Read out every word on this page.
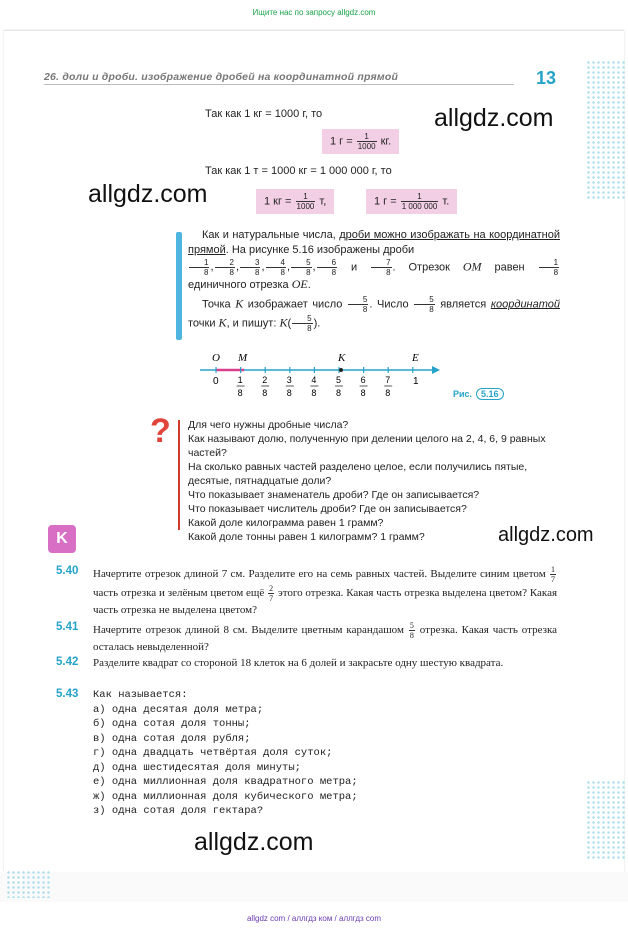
Ищите нас по запросу allgdz.com
26. доли и дроби. изображение дробей на координатной прямой	13
Так как 1 кг = 1000 г, то
1 $г = \frac{1}{1000}$ кг.
Так как 1 т = 1000 кг = 1 000 000 г, то
1 кг = $\frac{1}{1000} т$,	1 $г = \frac{1}{1 000 000} т$.
allgdz.com
allgdz.com
Как и натуральные числа, дроби можно изображать на координатной прямой. На рисунке 5.16 изображены дроби

$\frac{1}{8}$ , $\frac{2}{8}$ , $\frac{3}{8}$ , $\frac{4}{8}$ , $\frac{5}{8}$ , $\frac{6}{8}$ и $\frac{7}{8}$ . Отрезок OM равен $\frac{1}{8}$
единичного отрезка OE.
Точка K изображает число $\frac{5}{8}$ . Число $\frac{5}{8}$ является координатой точки K, и пишут: $K( \frac{5}{8}$ ).
1
8
2
8
3
8
4
8
5
8
6
8
7
8
O M	K	E
0	1
Рис. 5.16
? Для чего нужны дробные числа?
Как называют долю, полученную при делении целого на 2, 4, 6, 9 равных частей?
На сколько равных частей разделено целое, если получились пятые, десятые, пятнадцатые доли?
Что показывает знаменатель дроби? Где он записывается?
Что показывает числитель дроби? Где он записывается?
Какой доле килограмма равен 1 грамм?
Какой доле тонны равен 1 килограмм? 1 грамм?	allgdz.com
K
5.40 Начертите отрезок длиной 7 см. Разделите его на семь равных частей. Выделите синим цветом $\frac{1}{7}$
часть отрезка и зелёным цветом ещё $\frac{2}{7}$ этого отрезка. Какая часть отрезка выделена цветом? Какая часть отрезка не выделена цветом?
5.41 Начертите отрезок длиной 8 см. Выделите цветным карандашом $\frac{5}{8}$ отрезка. Какая часть отрезка осталась невыделенной?
5.42 Разделите квадрат со стороной 18 клеток на 6 долей и закрасьте одну шестую квадрата.
5.43 Как называется:
а) одна десятая доля метра;
б) одна сотая доля тонны;
в) одна сотая доля рубля;
г) одна двадцать четвёртая доля суток;
д) одна шестидесятая доля минуты;
е) одна миллионная доля квадратного метра;
ж) одна миллионная доля кубического метра;
з) одна сотая доля гектара?
allgdz.com
allgdz com / аллгдз ком / аллгдз com
